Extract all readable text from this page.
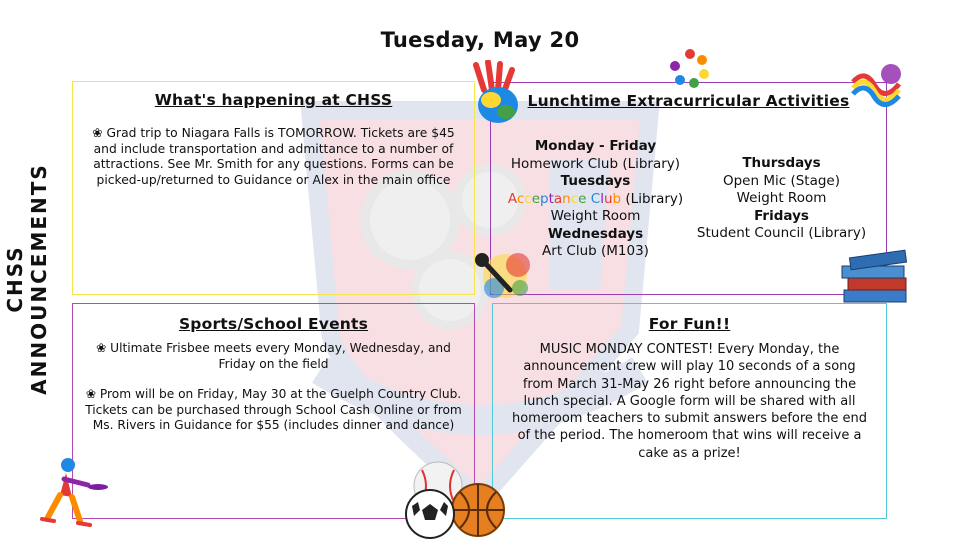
Tuesday, May 20
CHSS ANNOUNCEMENTS
What's happening at CHSS
❀ Grad trip to Niagara Falls is TOMORROW. Tickets are $45 and include transportation and admittance to a number of attractions. See Mr. Smith for any questions. Forms can be picked-up/returned to Guidance or Alex in the main office
Lunchtime Extracurricular Activities
Monday - Friday
Homework Club (Library)
Tuesdays
Acceptance Club (Library)
Weight Room
Wednesdays
Art Club (M103)
Thursdays
Open Mic (Stage)
Weight Room
Fridays
Student Council (Library)
Sports/School Events
❀ Ultimate Frisbee meets every Monday, Wednesday, and Friday on the field
❀ Prom will be on Friday, May 30 at the Guelph Country Club. Tickets can be purchased through School Cash Online or from Ms. Rivers in Guidance for $55 (includes dinner and dance)
For Fun!!
MUSIC MONDAY CONTEST! Every Monday, the announcement crew will play 10 seconds of a song from March 31-May 26 right before announcing the lunch special. A Google form will be shared with all homeroom teachers to submit answers before the end of the period. The homeroom that wins will receive a cake as a prize!
